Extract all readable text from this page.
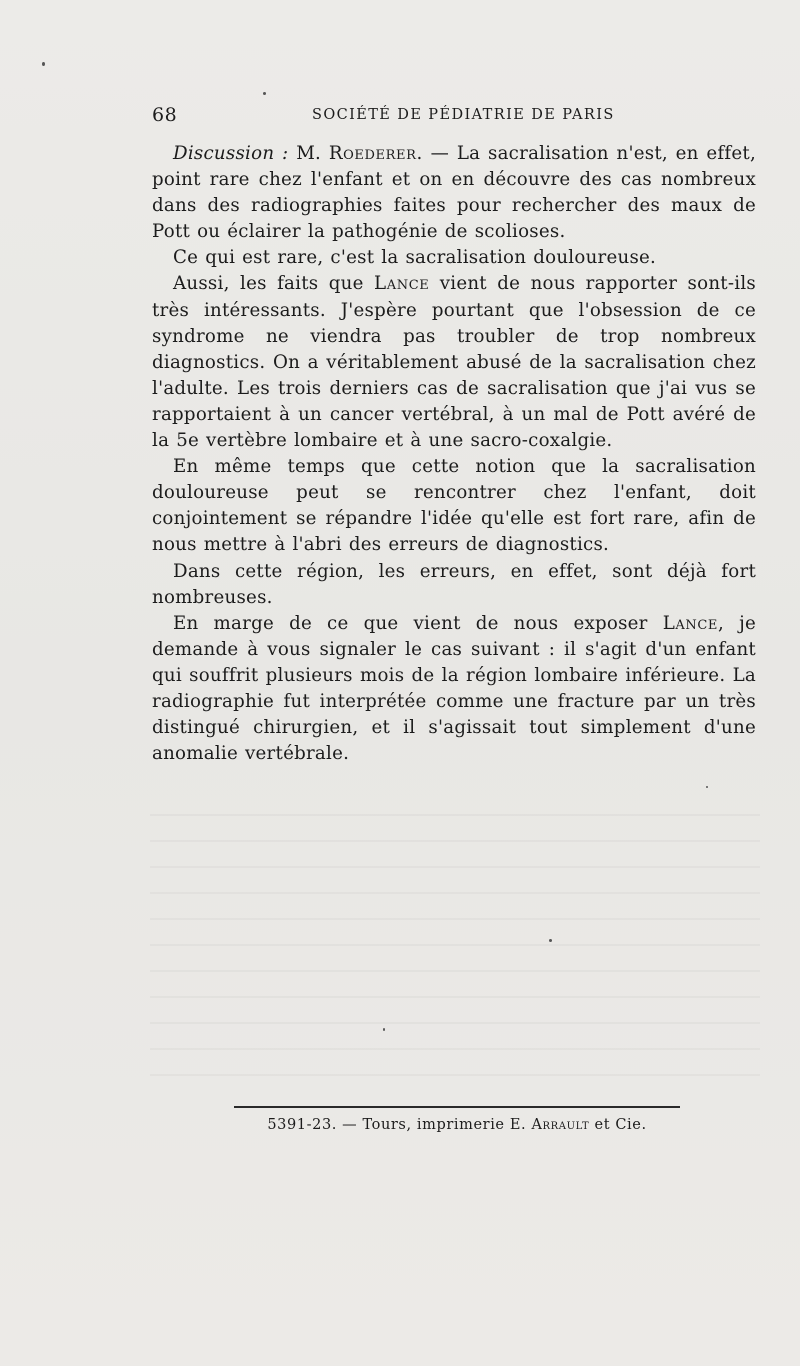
68	SOCIÉTÉ DE PÉDIATRIE DE PARIS

Discussion : M. Roederer. — La sacralisation n'est, en effet, point rare chez l'enfant et on en découvre des cas nombreux dans des radiographies faites pour rechercher des maux de Pott ou éclairer la pathogénie de scolioses.

Ce qui est rare, c'est la sacralisation douloureuse.

Aussi, les faits que Lance vient de nous rapporter sont-ils très intéressants. J'espère pourtant que l'obsession de ce syndrome ne viendra pas troubler de trop nombreux diagnostics. On a véritablement abusé de la sacralisation chez l'adulte. Les trois derniers cas de sacralisation que j'ai vus se rapportaient à un cancer vertébral, à un mal de Pott avéré de la 5e vertèbre lombaire et à une sacro-coxalgie.

En même temps que cette notion que la sacralisation douloureuse peut se rencontrer chez l'enfant, doit conjointement se répandre l'idée qu'elle est fort rare, afin de nous mettre à l'abri des erreurs de diagnostics.

Dans cette région, les erreurs, en effet, sont déjà fort nombreuses.

En marge de ce que vient de nous exposer Lance, je demande à vous signaler le cas suivant : il s'agit d'un enfant qui souffrit plusieurs mois de la région lombaire inférieure. La radiographie fut interprétée comme une fracture par un très distingué chirurgien, et il s'agissait tout simplement d'une anomalie vertébrale.

5391-23. — Tours, imprimerie E. Arrault et Cie.
